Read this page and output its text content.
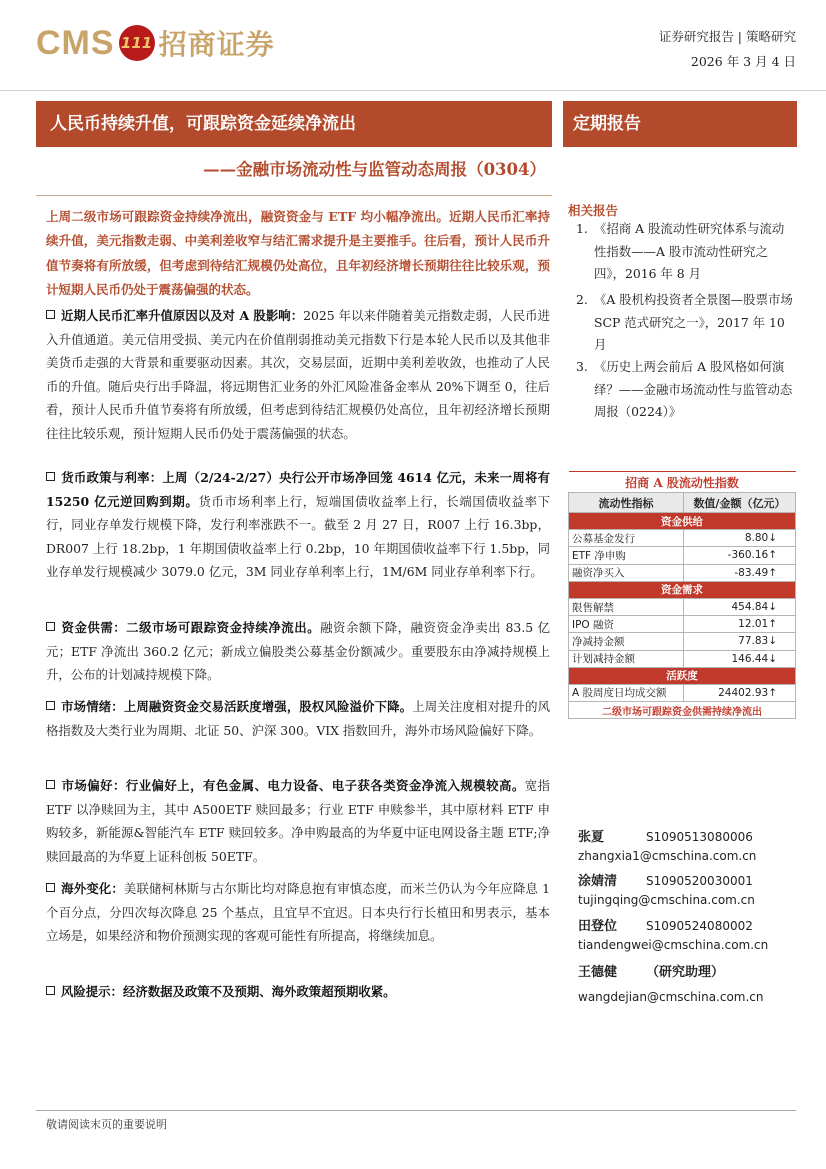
CMS 111 招商证券	证券研究报告 | 策略研究
2026 年 3 月 4 日
人民币持续升值，可跟踪资金延续净流出
——金融市场流动性与监管动态周报（0304）
定期报告
上周二级市场可跟踪资金持续净流出，融资资金与 ETF 均小幅净流出。近期人民币汇率持续升值，美元指数走弱、中美利差收窄与结汇需求提升是主要推手。往后看，预计人民币升值节奏将有所放缓，但考虑到待结汇规模仍处高位，且年初经济增长预期往往比较乐观，预计短期人民币仍处于震荡偏强的状态。
近期人民币汇率升值原因以及对 A 股影响：2025 年以来伴随着美元指数走弱，人民币进入升值通道。美元信用受损、美元内在价值削弱推动美元指数下行是本轮人民币以及其他非美货币走强的大背景和重要驱动因素。其次，交易层面，近期中美利差收敛，也推动了人民币的升值。随后央行出手降温，将远期售汇业务的外汇风险准备金率从 20%下调至 0，往后看，预计人民币升值节奏将有所放缓，但考虑到待结汇规模仍处高位，且年初经济增长预期往往比较乐观，预计短期人民币仍处于震荡偏强的状态。
货币政策与利率：上周（2/24-2/27）央行公开市场净回笼 4614 亿元，未来一周将有 15250 亿元逆回购到期。货币市场利率上行，短端国债收益率上行，长端国债收益率下行，同业存单发行规模下降，发行利率涨跌不一。截至 2 月 27 日，R007 上行 16.3bp，DR007 上行 18.2bp，1 年期国债收益率上行 0.2bp，10 年期国债收益率下行 1.5bp，同业存单发行规模减少 3079.0 亿元，3M 同业存单利率上行，1M/6M 同业存单利率下行。
资金供需：二级市场可跟踪资金持续净流出。融资余额下降，融资资金净卖出 83.5 亿元；ETF 净流出 360.2 亿元；新成立偏股类公募基金份额减少。重要股东由净减持规模上升，公布的计划减持规模下降。
市场情绪：上周融资资金交易活跃度增强，股权风险溢价下降。上周关注度相对提升的风格指数及大类行业为周期、北证 50、沪深 300。VIX 指数回升，海外市场风险偏好下降。
市场偏好：行业偏好上，有色金属、电力设备、电子获各类资金净流入规模较高。宽指 ETF 以净赎回为主，其中 A500ETF 赎回最多；行业 ETF 申赎参半，其中原材料 ETF 申购较多，新能源&智能汽车 ETF 赎回较多。净申购最高的为华夏中证电网设备主题 ETF;净赎回最高的为华夏上证科创板 50ETF。
海外变化：美联储柯林斯与古尔斯比均对降息抱有审慎态度，而米兰仍认为今年应降息 1 个百分点，分四次每次降息 25 个基点，且宜早不宜迟。日本央行行长植田和男表示，基本立场是，如果经济和物价预测实现的客观可能性有所提高，将继续加息。
风险提示：经济数据及政策不及预期、海外政策超预期收紧。
相关报告
1. 《招商 A 股流动性研究体系与流动性指数——A 股市流动性研究之四》，2016 年 8 月
2. 《A 股机构投资者全景图—股票市场 SCP 范式研究之一》，2017 年 10 月
3. 《历史上两会前后 A 股风格如何演绎？——金融市场流动性与监管动态周报（0224）》
招商 A 股流动性指数	
流动性指标	数值/金额（亿元）
资金供给	
公募基金发行	8.80↓
ETF 净申购	-360.16↑
融资净买入	-83.49↑
资金需求	
限售解禁	454.84↓
IPO 融资	12.01↑
净减持金额	77.83↓
计划减持金额	146.44↓
活跃度	
A 股周度日均成交额	24402.93↑
二级市场可跟踪资金供需持续净流出	
张夏	S1090513080006
zhangxia1@cmschina.com.cn
涂婧清 S1090520030001
tujingqing@cmschina.com.cn
田登位 S1090524080002
tiandengwei@cmschina.com.cn
王德健 （研究助理）
wangdejian@cmschina.com.cn
敬请阅读末页的重要说明
